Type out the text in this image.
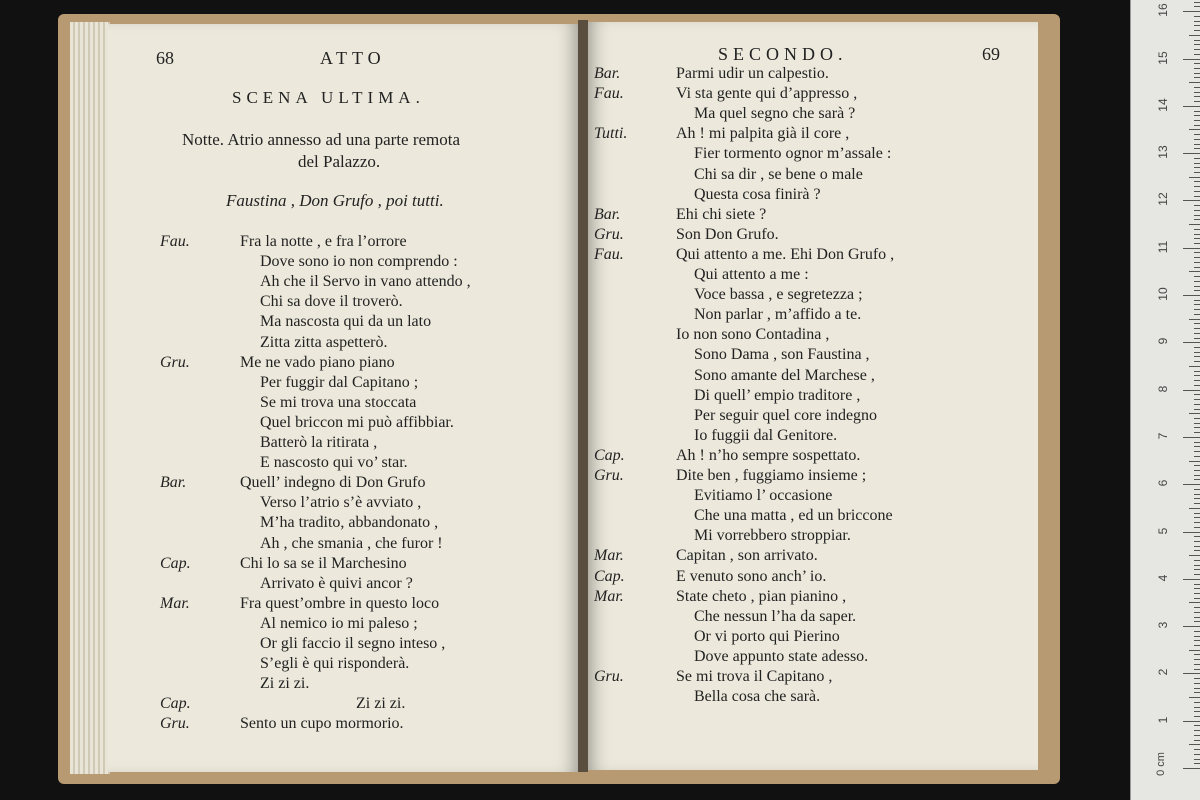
68	ATTO
SCENA ULTIMA.
Notte. Atrio annesso ad una parte remota
del Palazzo.
Faustina , Don Grufo , poi tutti.
Fau.	Fra la notte , e fra l’orrore
Dove sono io non comprendo :
Ah che il Servo in vano attendo ,
Chi sa dove il troverò.
Ma nascosta qui da un lato
Zitta zitta aspetterò.
Gru.	Me ne vado piano piano
Per fuggir dal Capitano ;
Se mi trova una stoccata
Quel briccon mi può affibbiar.
Batterò la ritirata ,
E nascosto qui vo’ star.
Bar.	Quell’ indegno di Don Grufo
Verso l’atrio s’è avviato ,
M’ha tradito, abbandonato ,
Ah , che smania , che furor !
Cap.	Chi lo sa se il Marchesino
Arrivato è quivi ancor ?
Mar.	Fra quest’ombre in questo loco
Al nemico io mi paleso ;
Or gli faccio il segno inteso ,
S’egli è qui risponderà.
Zi zi zi.
Cap.	Zi zi zi.
Gru.	Sento un cupo mormorio.
SECONDO.	69
Bar.	Parmi udir un calpestio.
Fau.	Vi sta gente qui d’appresso ,
Ma quel segno che sarà ?
Tutti.	Ah ! mi palpita già il core ,
Fier tormento ognor m’assale :
Chi sa dir , se bene o male
Questa cosa finirà ?
Bar.	Ehi chi siete ?
Gru.	Son Don Grufo.
Fau.	Qui attento a me. Ehi Don Grufo ,
Qui attento a me :
Voce bassa , e segretezza ;
Non parlar , m’affido a te.
Io non sono Contadina ,
Sono Dama , son Faustina ,
Sono amante del Marchese ,
Di quell’ empio traditore ,
Per seguir quel core indegno
Io fuggii dal Genitore.
Cap.	Ah ! n’ho sempre sospettato.
Gru.	Dite ben , fuggiamo insieme ;
Evitiamo l’ occasione
Che una matta , ed un briccone
Mi vorrebbero stroppiar.
Mar.	Capitan , son arrivato.
Cap.	E venuto sono anch’ io.
Mar.	State cheto , pian pianino ,
Che nessun l’ha da saper.
Or vi porto qui Pierino
Dove appunto state adesso.
Gru.	Se mi trova il Capitano ,
Bella cosa che sarà.
1
2
3
4
5
6
7
8
9
10
11
12
13
14
15
16
0 cm
